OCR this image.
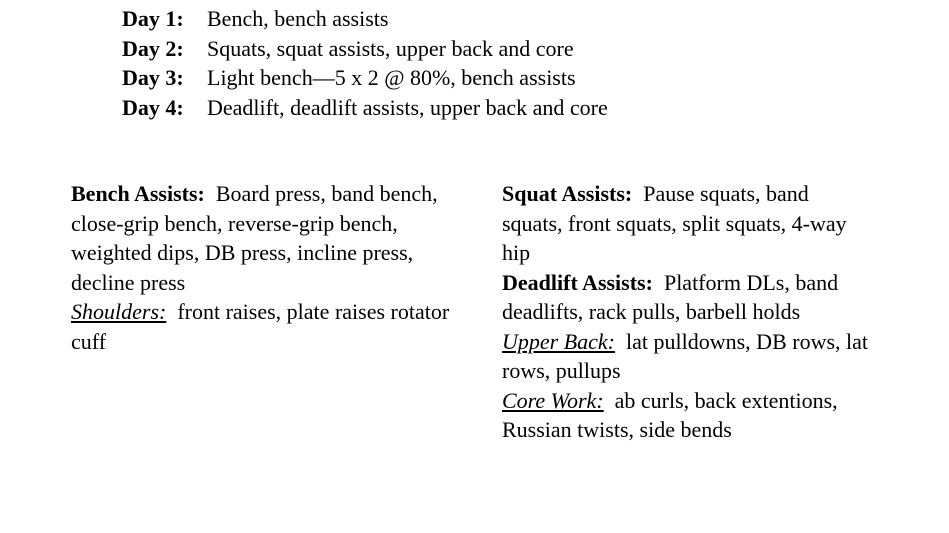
Day 1: Bench, bench assists
Day 2: Squats, squat assists, upper back and core
Day 3: Light bench—5 x 2 @ 80%, bench assists
Day 4: Deadlift, deadlift assists, upper back and core
Bench Assists: Board press, band bench, close-grip bench, reverse-grip bench, weighted dips, DB press, incline press, decline press
Shoulders: front raises, plate raises rotator cuff
Squat Assists: Pause squats, band squats, front squats, split squats, 4-way hip
Deadlift Assists: Platform DLs, band deadlifts, rack pulls, barbell holds
Upper Back: lat pulldowns, DB rows, lat rows, pullups
Core Work: ab curls, back extentions, Russian twists, side bends
